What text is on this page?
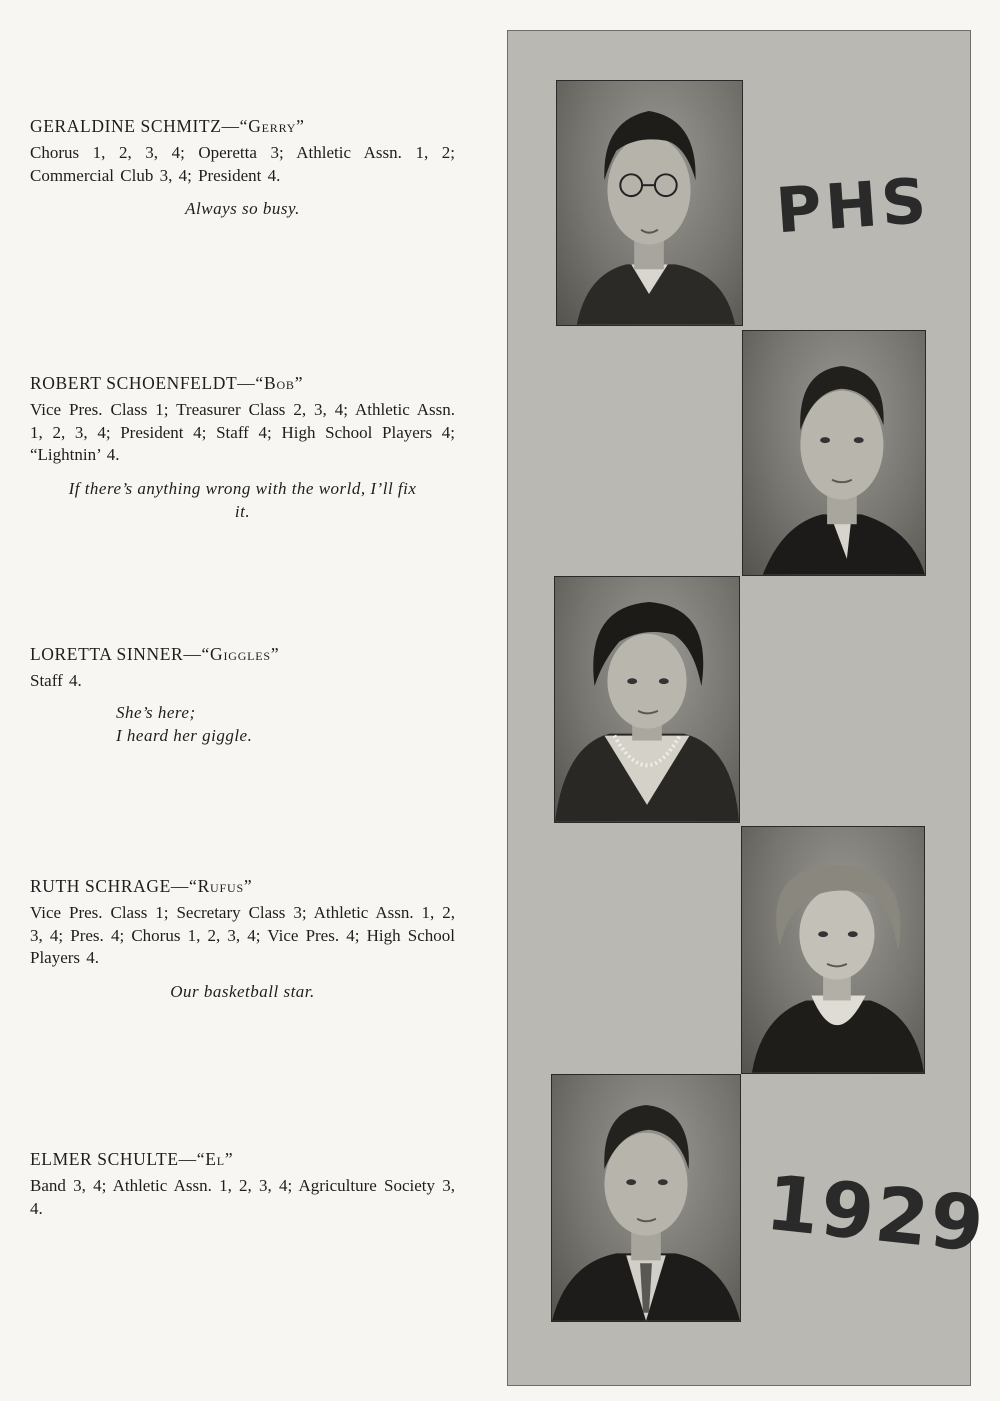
GERALDINE SCHMITZ—“Gerry”

Chorus 1, 2, 3, 4; Operetta 3; Athletic Assn. 1, 2; Commercial Club 3, 4; President 4.

Always so busy.

ROBERT SCHOENFELDT—“Bob”

Vice Pres. Class 1; Treasurer Class 2, 3, 4; Athletic Assn. 1, 2, 3, 4; President 4; Staff 4; High School Players 4; “Lightnin’ 4.

If there’s anything wrong with the world, I’ll fix it.

LORETTA SINNER—“Giggles”

Staff 4.

She’s here;
I heard her giggle.

RUTH SCHRAGE—“Rufus”

Vice Pres. Class 1; Secretary Class 3; Athletic Assn. 1, 2, 3, 4; Pres. 4; Chorus 1, 2, 3, 4; Vice Pres. 4; High School Players 4.

Our basketball star.

ELMER SCHULTE—“El”

Band 3, 4; Athletic Assn. 1, 2, 3, 4; Agriculture Society 3, 4.

PHS
1929
